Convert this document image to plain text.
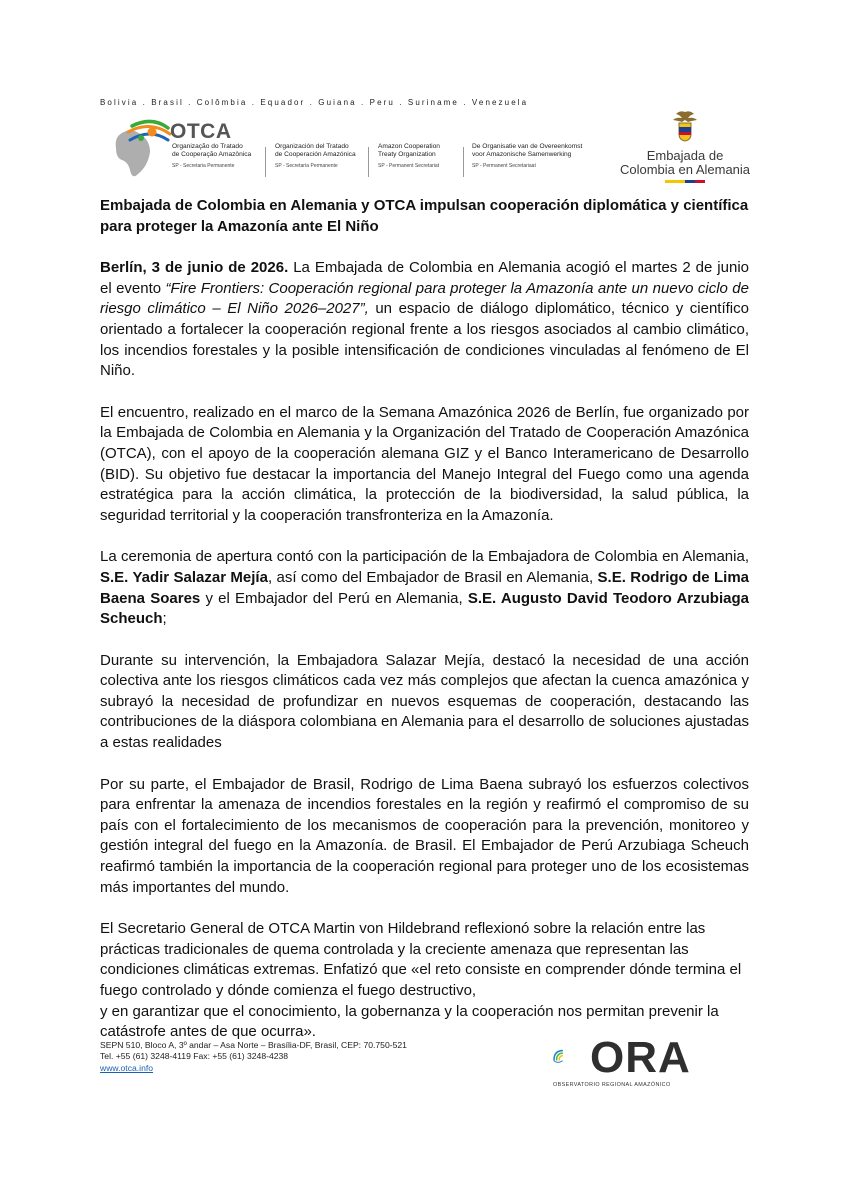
Bolivia . Brasil . Colômbia . Equador . Guiana . Peru . Suriname . Venezuela
OTCA
Organização do Tratado
de Cooperação Amazônica
SP - Secretaria Permanente
Organización del Tratado
de Cooperación Amazónica
SP - Secretaría Permanente
Amazon Cooperation
Treaty Organization
SP - Permanent Secretariat
De Organisatie van de Overeenkomst
voor Amazonische Samenwerking
SP - Permanent Secretariaat
Embajada de
Colombia en Alemania

Embajada de Colombia en Alemania y OTCA impulsan cooperación diplomática y científica para proteger la Amazonía ante El Niño

Berlín, 3 de junio de 2026. La Embajada de Colombia en Alemania acogió el martes 2 de junio el evento “Fire Frontiers: Cooperación regional para proteger la Amazonía ante un nuevo ciclo de riesgo climático – El Niño 2026–2027”, un espacio de diálogo diplomático, técnico y científico orientado a fortalecer la cooperación regional frente a los riesgos asociados al cambio climático, los incendios forestales y la posible intensificación de condiciones vinculadas al fenómeno de El Niño.

El encuentro, realizado en el marco de la Semana Amazónica 2026 de Berlín, fue organizado por la Embajada de Colombia en Alemania y la Organización del Tratado de Cooperación Amazónica (OTCA), con el apoyo de la cooperación alemana GIZ y el Banco Interamericano de Desarrollo (BID). Su objetivo fue destacar la importancia del Manejo Integral del Fuego como una agenda estratégica para la acción climática, la protección de la biodiversidad, la salud pública, la seguridad territorial y la cooperación transfronteriza en la Amazonía.

La ceremonia de apertura contó con la participación de la Embajadora de Colombia en Alemania, S.E. Yadir Salazar Mejía, así como del Embajador de Brasil en Alemania, S.E. Rodrigo de Lima Baena Soares y el Embajador del Perú en Alemania, S.E. Augusto David Teodoro Arzubiaga Scheuch;

Durante su intervención, la Embajadora Salazar Mejía, destacó la necesidad de una acción colectiva ante los riesgos climáticos cada vez más complejos que afectan la cuenca amazónica y subrayó la necesidad de profundizar en nuevos esquemas de cooperación, destacando las contribuciones de la diáspora colombiana en Alemania para el desarrollo de soluciones ajustadas a estas realidades

Por su parte, el Embajador de Brasil, Rodrigo de Lima Baena subrayó los esfuerzos colectivos para enfrentar la amenaza de incendios forestales en la región y reafirmó el compromiso de su país con el fortalecimiento de los mecanismos de cooperación para la prevención, monitoreo y gestión integral del fuego en la Amazonía. de Brasil. El Embajador de Perú Arzubiaga Scheuch reafirmó también la importancia de la cooperación regional para proteger uno de los ecosistemas más importantes del mundo.

El Secretario General de OTCA Martin von Hildebrand reflexionó sobre la relación entre las prácticas tradicionales de quema controlada y la creciente amenaza que representan las condiciones climáticas extremas. Enfatizó que «el reto consiste en comprender dónde termina el fuego controlado y dónde comienza el fuego destructivo,
y en garantizar que el conocimiento, la gobernanza y la cooperación nos permitan prevenir la catástrofe antes de que ocurra».

SEPN 510, Bloco A, 3º andar – Asa Norte – Brasília-DF, Brasil, CEP: 70.750-521
Tel. +55 (61) 3248-4119 Fax: +55 (61) 3248-4238
www.otca.info	ORA
OBSERVATORIO REGIONAL AMAZÓNICO
